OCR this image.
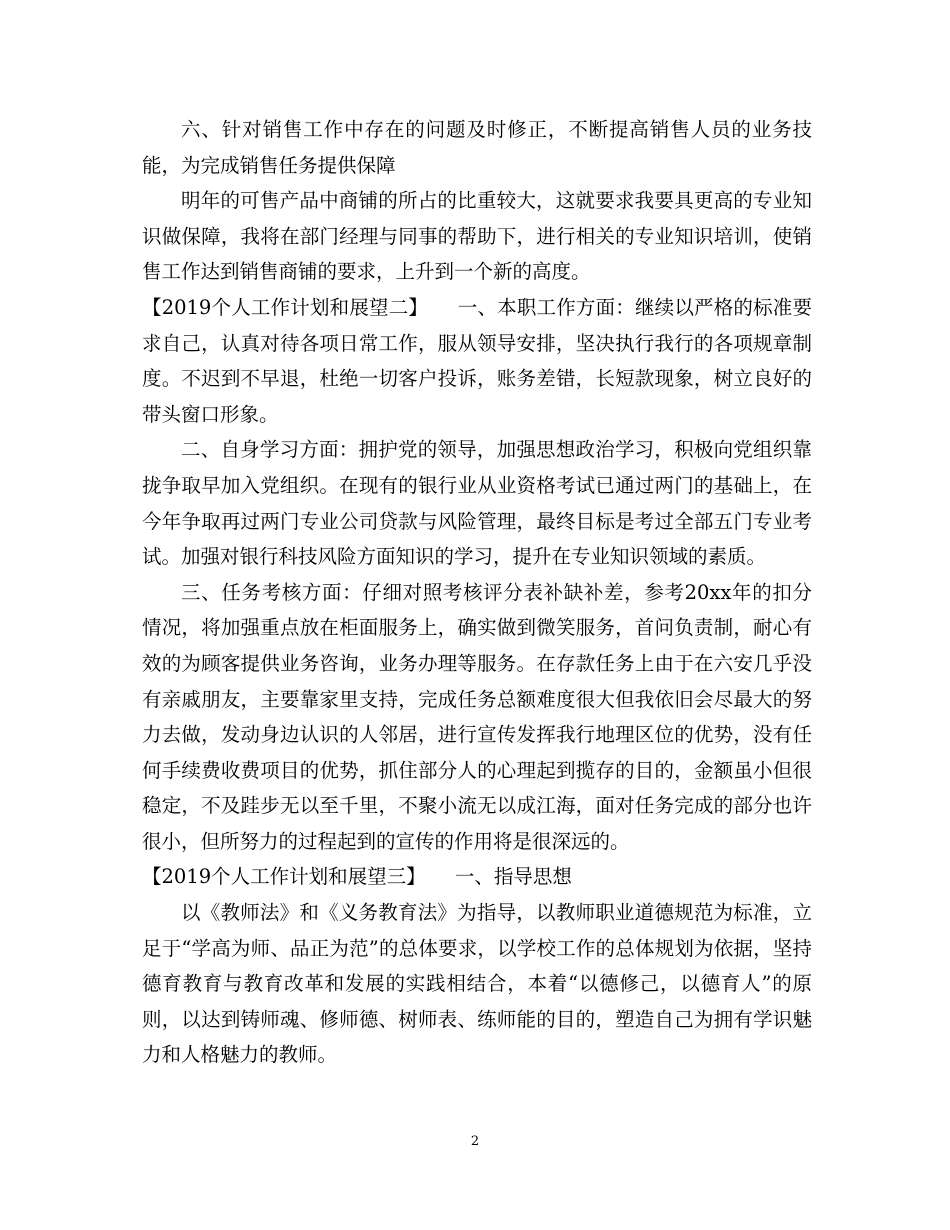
六、针对销售工作中存在的问题及时修正，不断提高销售人员的业务技能，为完成销售任务提供保障

明年的可售产品中商铺的所占的比重较大，这就要求我要具更高的专业知识做保障，我将在部门经理与同事的帮助下，进行相关的专业知识培训，使销售工作达到销售商铺的要求，上升到一个新的高度。

【2019个人工作计划和展望二】　　一、本职工作方面：继续以严格的标准要求自己，认真对待各项日常工作，服从领导安排，坚决执行我行的各项规章制度。不迟到不早退，杜绝一切客户投诉，账务差错，长短款现象，树立良好的带头窗口形象。

二、自身学习方面：拥护党的领导，加强思想政治学习，积极向党组织靠拢争取早加入党组织。在现有的银行业从业资格考试已通过两门的基础上，在今年争取再过两门专业公司贷款与风险管理，最终目标是考过全部五门专业考试。加强对银行科技风险方面知识的学习，提升在专业知识领域的素质。

三、任务考核方面：仔细对照考核评分表补缺补差，参考20xx年的扣分情况，将加强重点放在柜面服务上，确实做到微笑服务，首问负责制，耐心有效的为顾客提供业务咨询，业务办理等服务。在存款任务上由于在六安几乎没有亲戚朋友，主要靠家里支持，完成任务总额难度很大但我依旧会尽最大的努力去做，发动身边认识的人邻居，进行宣传发挥我行地理区位的优势，没有任何手续费收费项目的优势，抓住部分人的心理起到揽存的目的，金额虽小但很稳定，不及跬步无以至千里，不聚小流无以成江海，面对任务完成的部分也许很小，但所努力的过程起到的宣传的作用将是很深远的。

【2019个人工作计划和展望三】　　一、指导思想

以《教师法》和《义务教育法》为指导，以教师职业道德规范为标准，立足于“学高为师、品正为范”的总体要求，以学校工作的总体规划为依据，坚持德育教育与教育改革和发展的实践相结合，本着“以德修己，以德育人”的原则，以达到铸师魂、修师德、树师表、练师能的目的，塑造自己为拥有学识魅力和人格魅力的教师。

2
